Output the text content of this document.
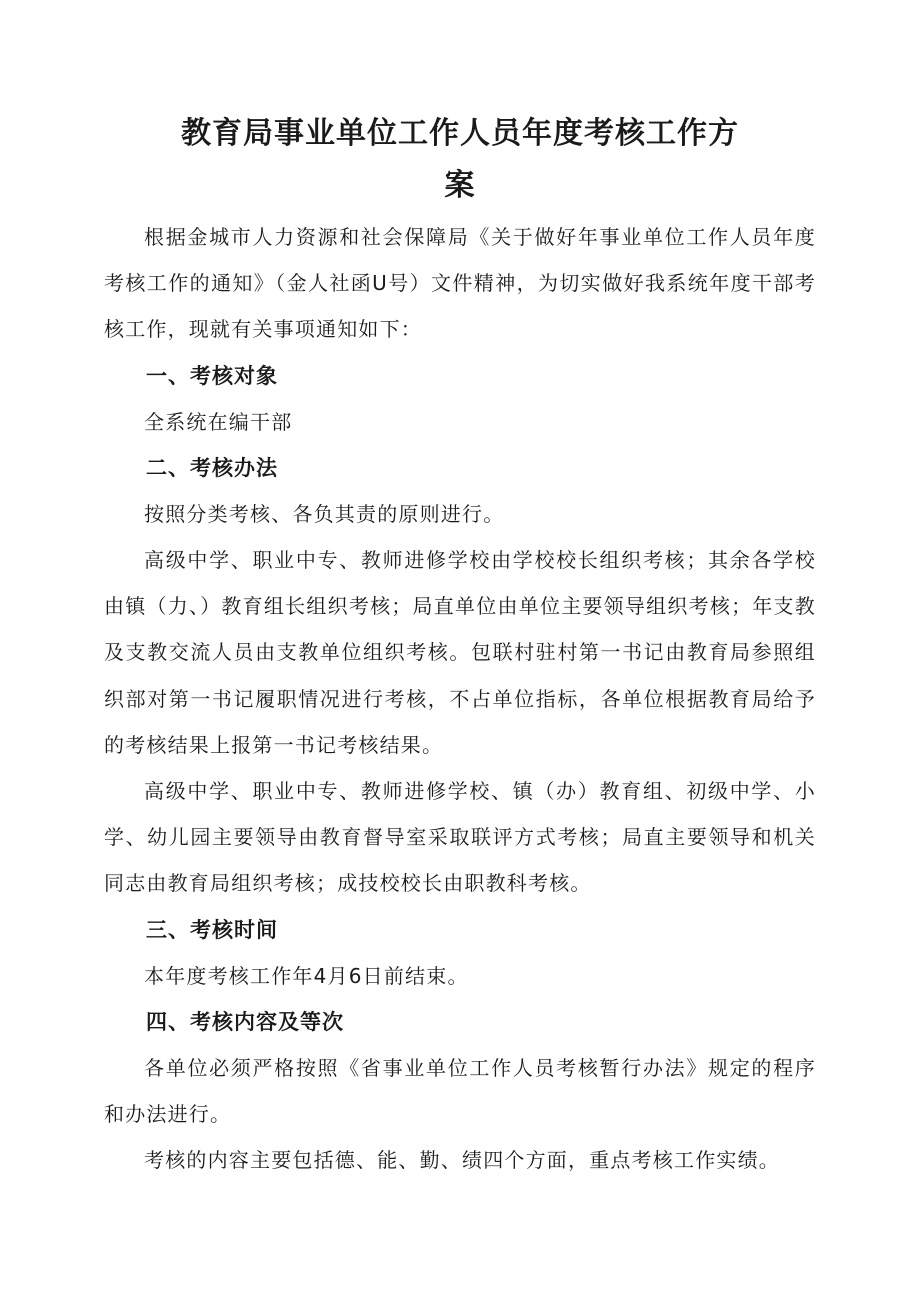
教育局事业单位工作人员年度考核工作方
案

根据金城市人力资源和社会保障局《关于做好年事业单位工作人员年度考核工作的通知》（金人社函U号）文件精神，为切实做好我系统年度干部考核工作，现就有关事项通知如下：

一、考核对象

全系统在编干部

二、考核办法

按照分类考核、各负其责的原则进行。

高级中学、职业中专、教师进修学校由学校校长组织考核；其余各学校由镇（力、）教育组长组织考核；局直单位由单位主要领导组织考核；年支教及支教交流人员由支教单位组织考核。包联村驻村第一书记由教育局参照组织部对第一书记履职情况进行考核，不占单位指标，各单位根据教育局给予的考核结果上报第一书记考核结果。

高级中学、职业中专、教师进修学校、镇（办）教育组、初级中学、小学、幼儿园主要领导由教育督导室采取联评方式考核；局直主要领导和机关同志由教育局组织考核；成技校校长由职教科考核。

三、考核时间

本年度考核工作年4月6日前结束。

四、考核内容及等次

各单位必须严格按照《省事业单位工作人员考核暂行办法》规定的程序和办法进行。

考核的内容主要包括德、能、勤、绩四个方面，重点考核工作实绩。
